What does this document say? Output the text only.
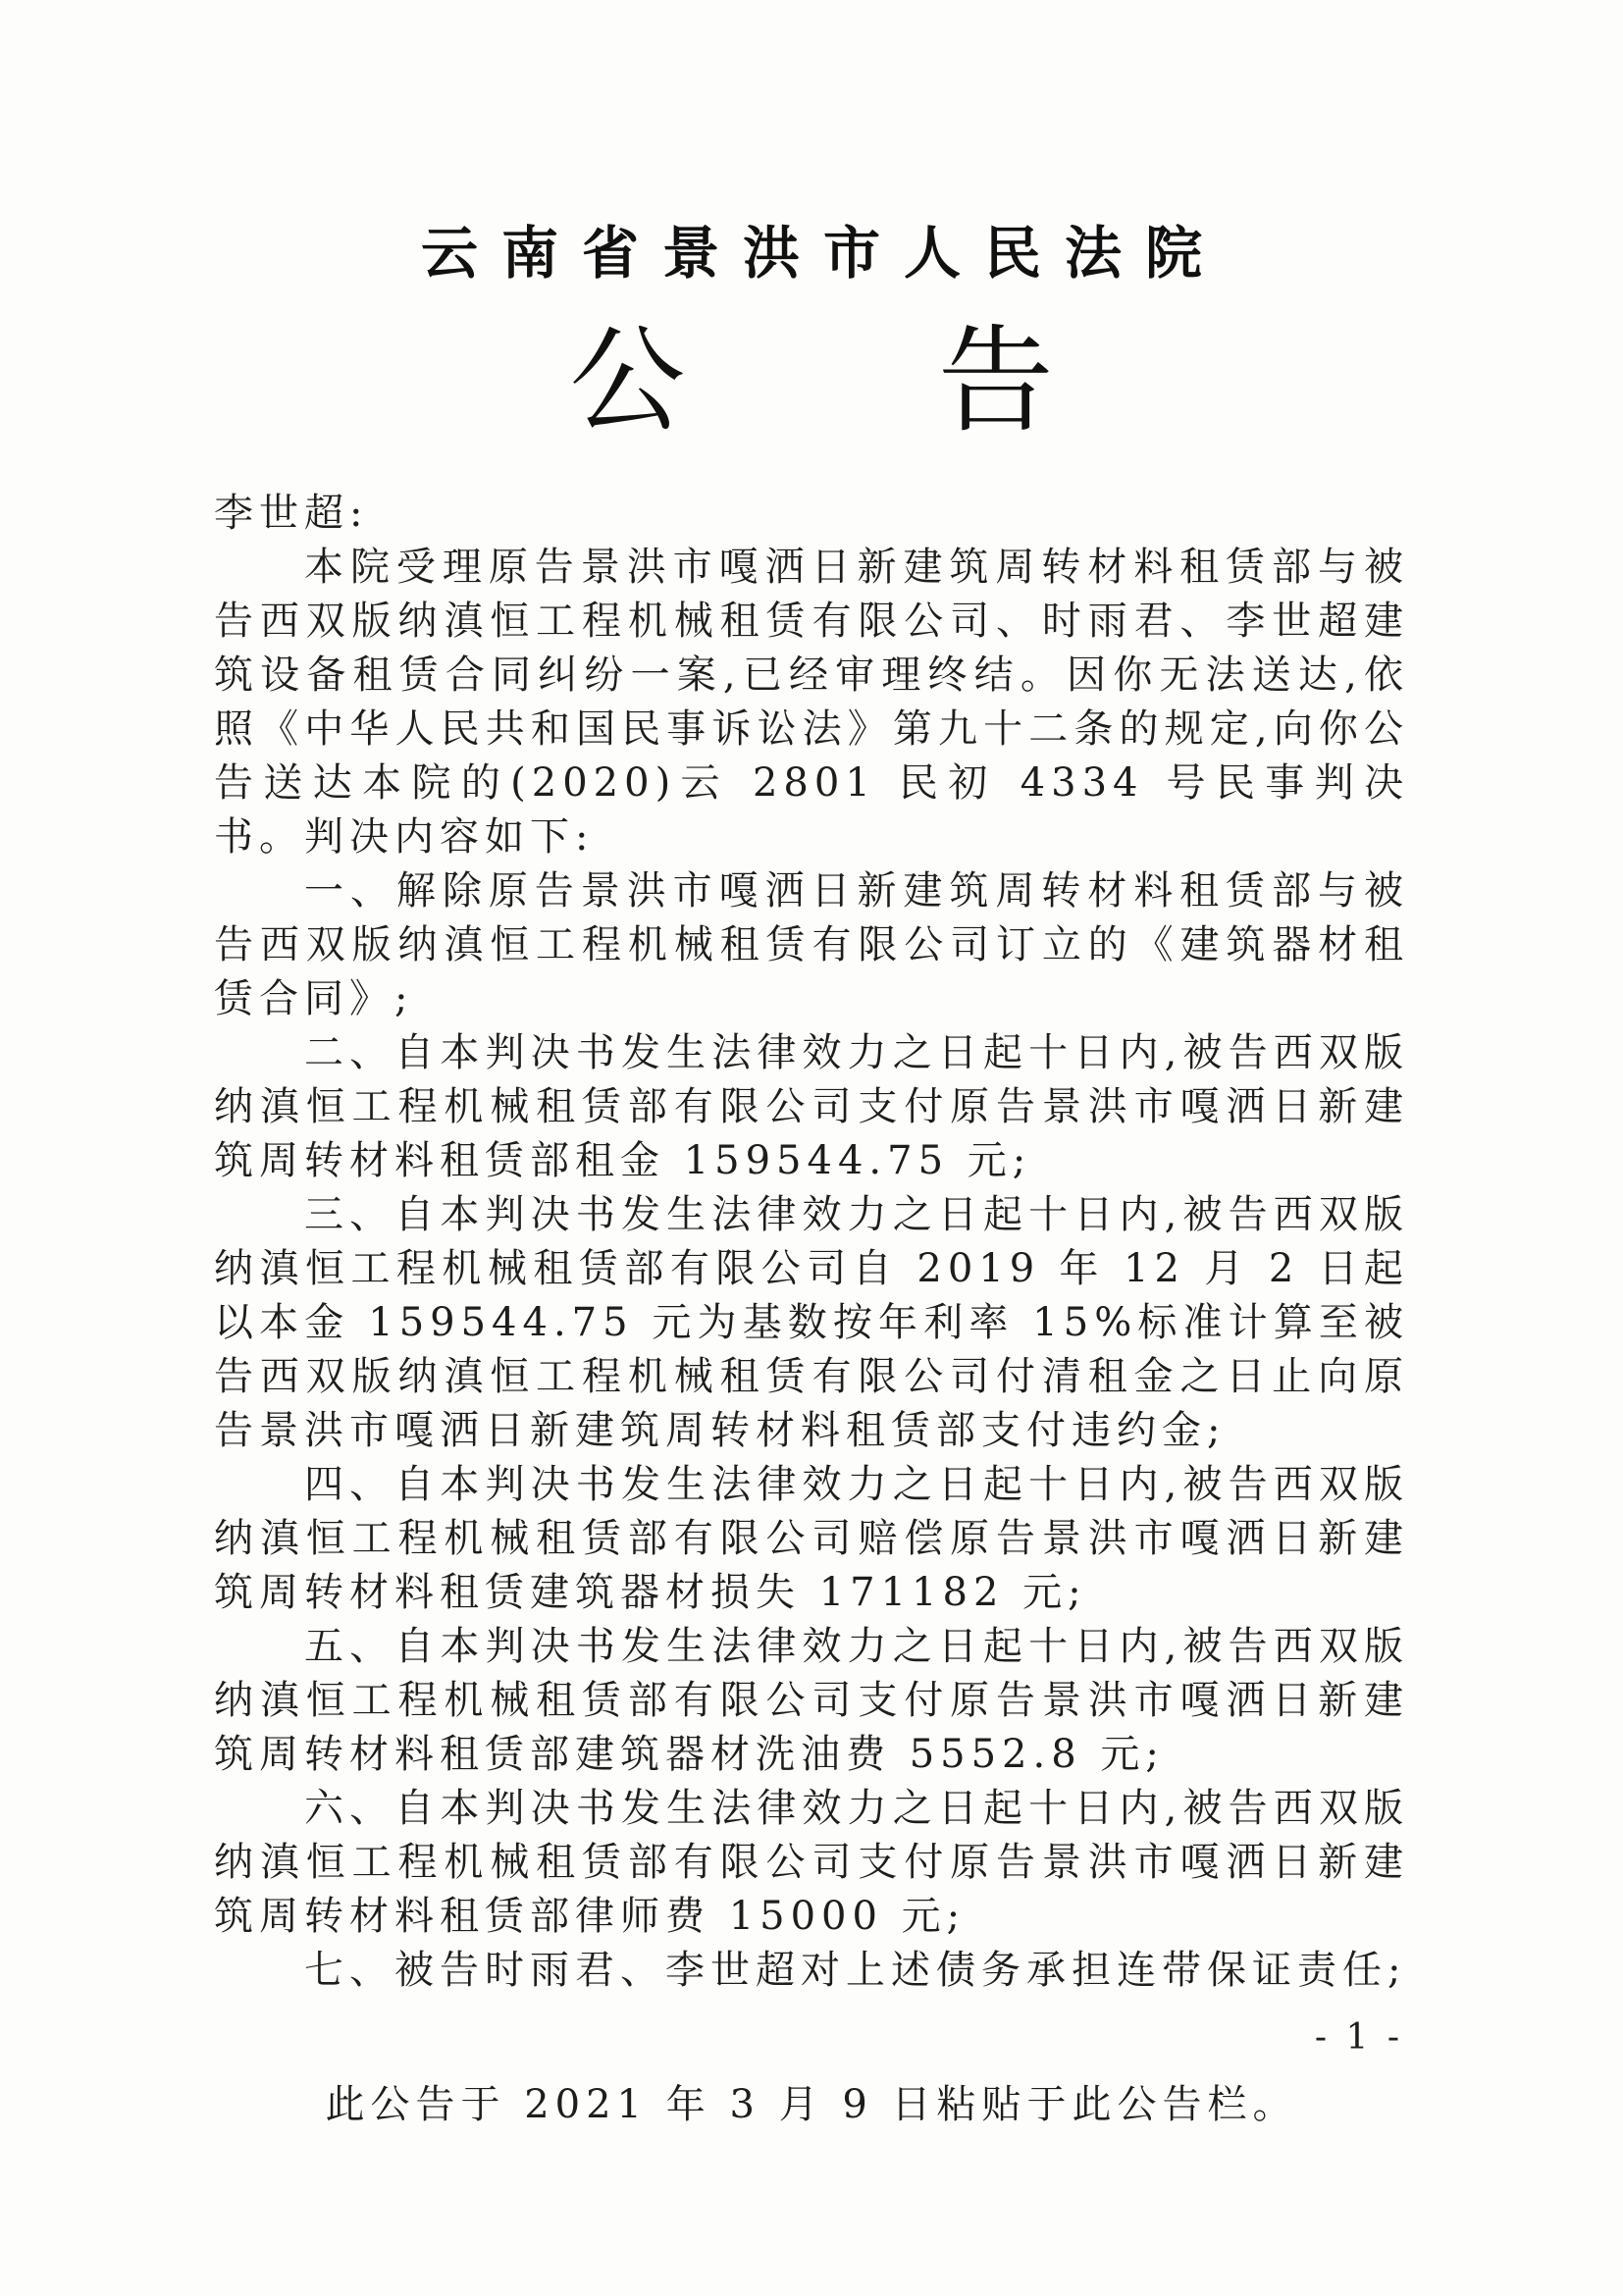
云南省景洪市人民法院
公 告

李世超:

本院受理原告景洪市嘎洒日新建筑周转材料租赁部与被告西双版纳滇恒工程机械租赁有限公司、时雨君、李世超建筑设备租赁合同纠纷一案,已经审理终结。因你无法送达,依照《中华人民共和国民事诉讼法》第九十二条的规定,向你公告送达本院的(2020)云 2801 民初 4334 号民事判决书。判决内容如下:

一、解除原告景洪市嘎洒日新建筑周转材料租赁部与被告西双版纳滇恒工程机械租赁有限公司订立的《建筑器材租赁合同》;

二、自本判决书发生法律效力之日起十日内,被告西双版纳滇恒工程机械租赁部有限公司支付原告景洪市嘎洒日新建筑周转材料租赁部租金 159544.75 元;

三、自本判决书发生法律效力之日起十日内,被告西双版纳滇恒工程机械租赁部有限公司自 2019 年 12 月 2 日起以本金 159544.75 元为基数按年利率 15%标准计算至被告西双版纳滇恒工程机械租赁有限公司付清租金之日止向原告景洪市嘎洒日新建筑周转材料租赁部支付违约金;

四、自本判决书发生法律效力之日起十日内,被告西双版纳滇恒工程机械租赁部有限公司赔偿原告景洪市嘎洒日新建筑周转材料租赁建筑器材损失 171182 元;

五、自本判决书发生法律效力之日起十日内,被告西双版纳滇恒工程机械租赁部有限公司支付原告景洪市嘎洒日新建筑周转材料租赁部建筑器材洗油费 5552.8 元;

六、自本判决书发生法律效力之日起十日内,被告西双版纳滇恒工程机械租赁部有限公司支付原告景洪市嘎洒日新建筑周转材料租赁部律师费 15000 元;

七、被告时雨君、李世超对上述债务承担连带保证责任;

- 1 -
此公告于 2021 年 3 月 9 日粘贴于此公告栏。
